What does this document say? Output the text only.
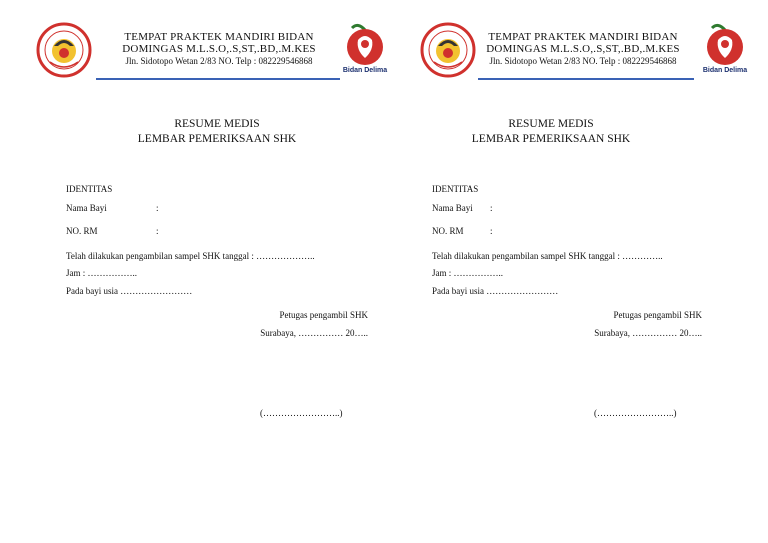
TEMPAT PRAKTEK MANDIRI BIDAN
DOMINGAS M.L.S.O,.S,ST,.BD,.M.KES
Jln. Sidotopo Wetan 2/83 NO. Telp : 082229546868
Bidan Delima
RESUME MEDIS
LEMBAR PEMERIKSAAN SHK
IDENTITAS
Nama Bayi	:
NO. RM	:
Telah dilakukan pengambilan sampel SHK tanggal : ………………..
Jam : ……………..
Pada bayi usia ……………………
Petugas pengambil SHK
Surabaya, …………… 20…..
(……………………..)
TEMPAT PRAKTEK MANDIRI BIDAN
DOMINGAS M.L.S.O,.S,ST,.BD,.M.KES
Jln. Sidotopo Wetan 2/83 NO. Telp : 082229546868
Bidan Delima
RESUME MEDIS
LEMBAR PEMERIKSAAN SHK
IDENTITAS
Nama Bayi :
NO. RM	:
Telah dilakukan pengambilan sampel SHK tanggal : …………..
Jam : ……………..
Pada bayi usia ……………………
Petugas pengambil SHK
Surabaya, …………… 20…..
(……………………..)
